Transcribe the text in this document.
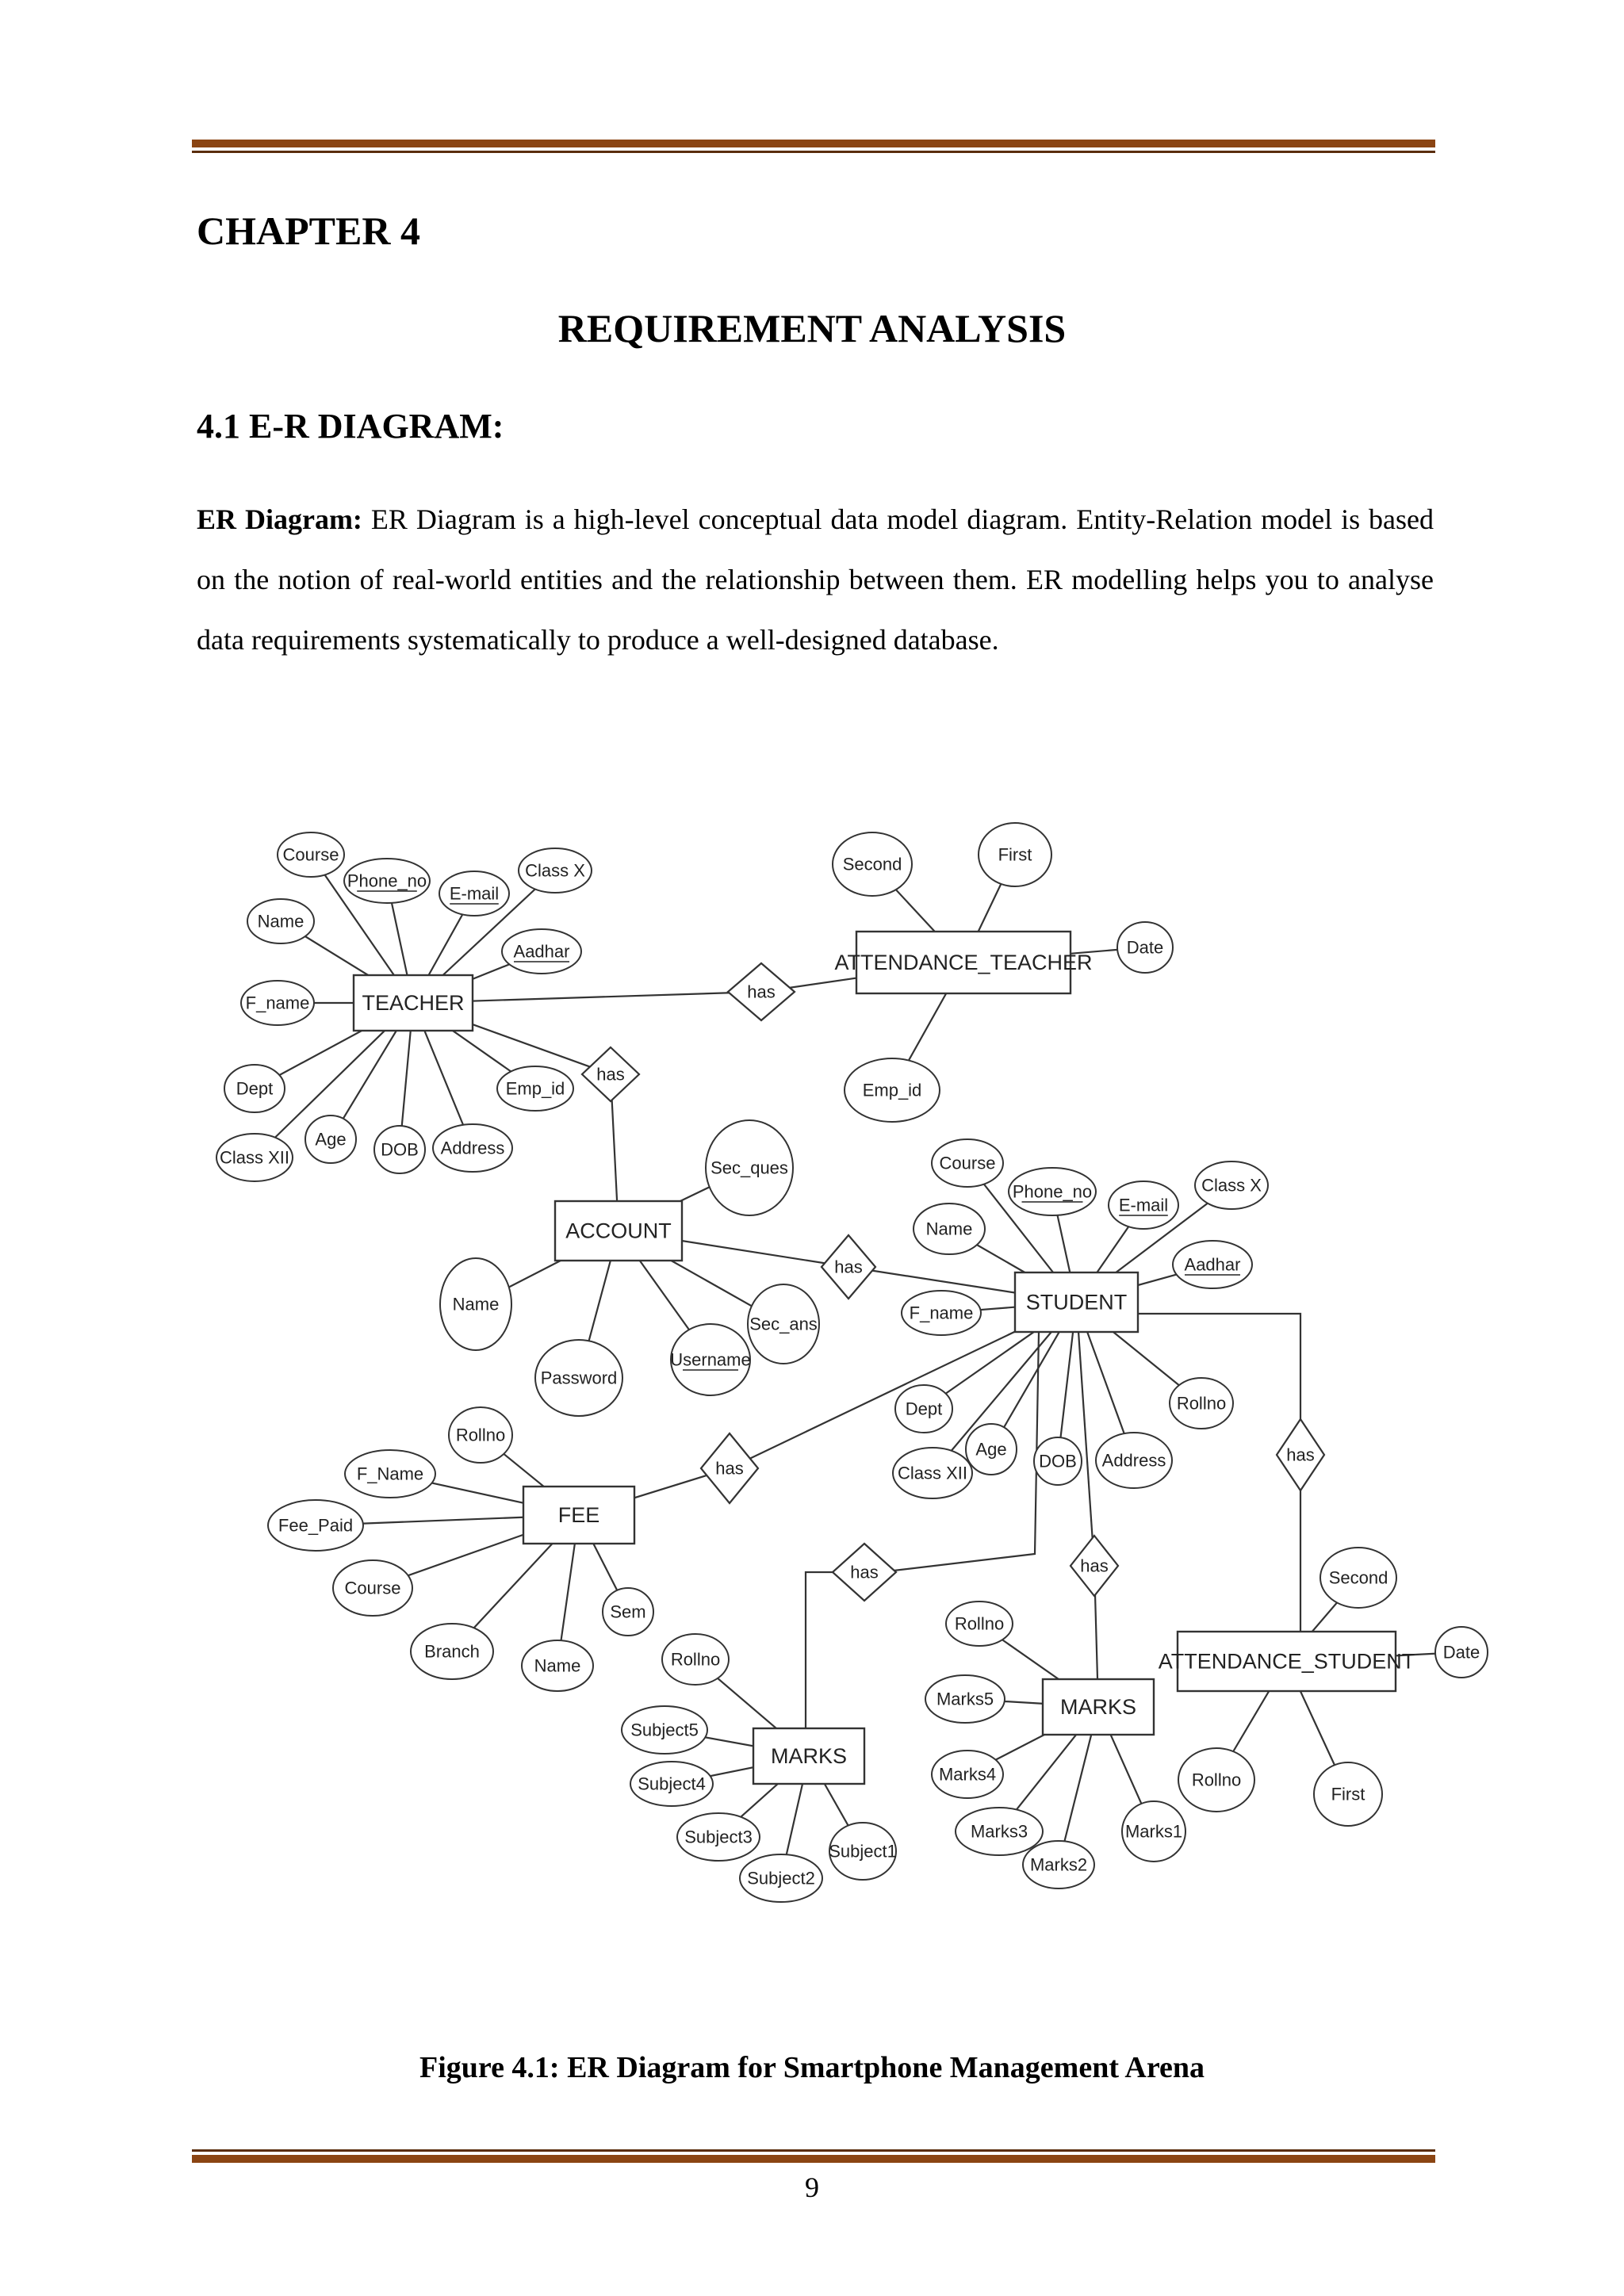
CHAPTER 4
REQUIREMENT ANALYSIS
4.1 E-R DIAGRAM:

ER Diagram: ER Diagram is a high-level conceptual data model diagram. Entity-Relation model is based on the notion of real-world entities and the relationship between them. ER modelling helps you to analyse data requirements systematically to produce a well-designed database.

TEACHER
ATTENDANCE_TEACHER
ACCOUNT
STUDENT
FEE
MARKS
MARKS
ATTENDANCE_STUDENT
has
has
has
has
has	has
has
Course
Phone_no
E-mail
Class X
Name
Aadhar
F_name
Dept
Class XII
Age
DOB Address
Emp_id
Second	First
Date
Emp_id
Sec_ques
Name
Sec_ans
Password
Username
Course
Phone_no
E-mail
Class X
Name
Aadhar
F_name
Rollno
Dept
Age
Class XII
DOB Address
Rollno
F_Name
Fee_Paid
Course
Branch
Name
Sem
Rollno
Subject5
Subject4
Subject3
Subject2
Subject1
Rollno
Marks5
Marks4
Marks3
Marks2
Marks1
Second
Date
Rollno
First

Figure 4.1: ER Diagram for Smartphone Management Arena

9
